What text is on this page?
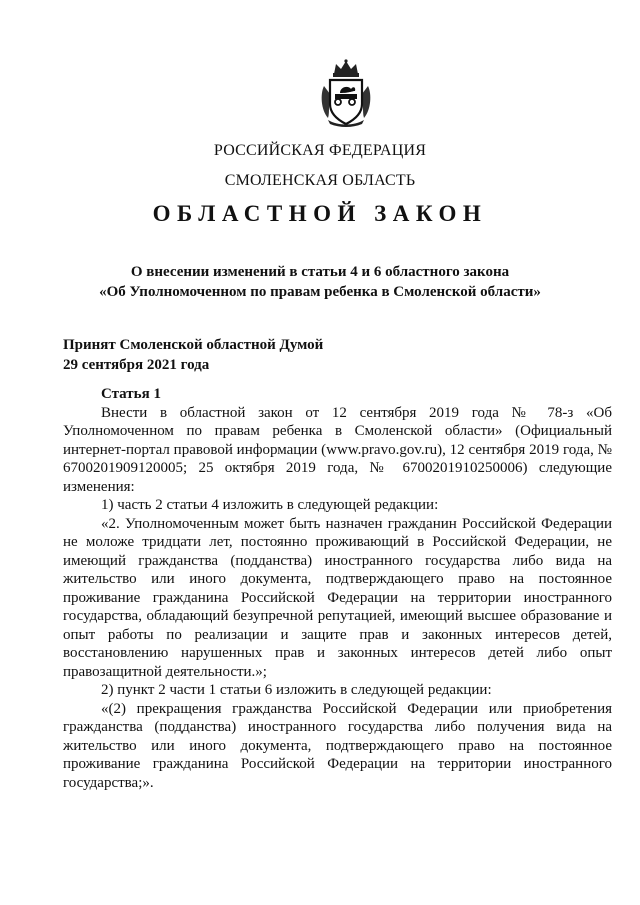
РОССИЙСКАЯ ФЕДЕРАЦИЯ
СМОЛЕНСКАЯ ОБЛАСТЬ
ОБЛАСТНОЙ ЗАКОН
О внесении изменений в статьи 4 и 6 областного закона
«Об Уполномоченном по правам ребенка в Смоленской области»
Принят Смоленской областной Думой
29 сентября 2021 года

Статья 1

Внести в областной закон от 12 сентября 2019 года № 78-з «Об Уполномоченном по правам ребенка в Смоленской области» (Официальный интернет-портал правовой информации (www.pravo.gov.ru), 12 сентября 2019 года, № 6700201909120005; 25 октября 2019 года, № 6700201910250006) следующие изменения:

1) часть 2 статьи 4 изложить в следующей редакции:

«2. Уполномоченным может быть назначен гражданин Российской Федерации не моложе тридцати лет, постоянно проживающий в Российской Федерации, не имеющий гражданства (подданства) иностранного государства либо вида на жительство или иного документа, подтверждающего право на постоянное проживание гражданина Российской Федерации на территории иностранного государства, обладающий безупречной репутацией, имеющий высшее образование и опыт работы по реализации и защите прав и законных интересов детей, восстановлению нарушенных прав и законных интересов детей либо опыт правозащитной деятельности.»;

2) пункт 2 части 1 статьи 6 изложить в следующей редакции:

«(2) прекращения гражданства Российской Федерации или приобретения гражданства (подданства) иностранного государства либо получения вида на жительство или иного документа, подтверждающего право на постоянное проживание гражданина Российской Федерации на территории иностранного государства;».
